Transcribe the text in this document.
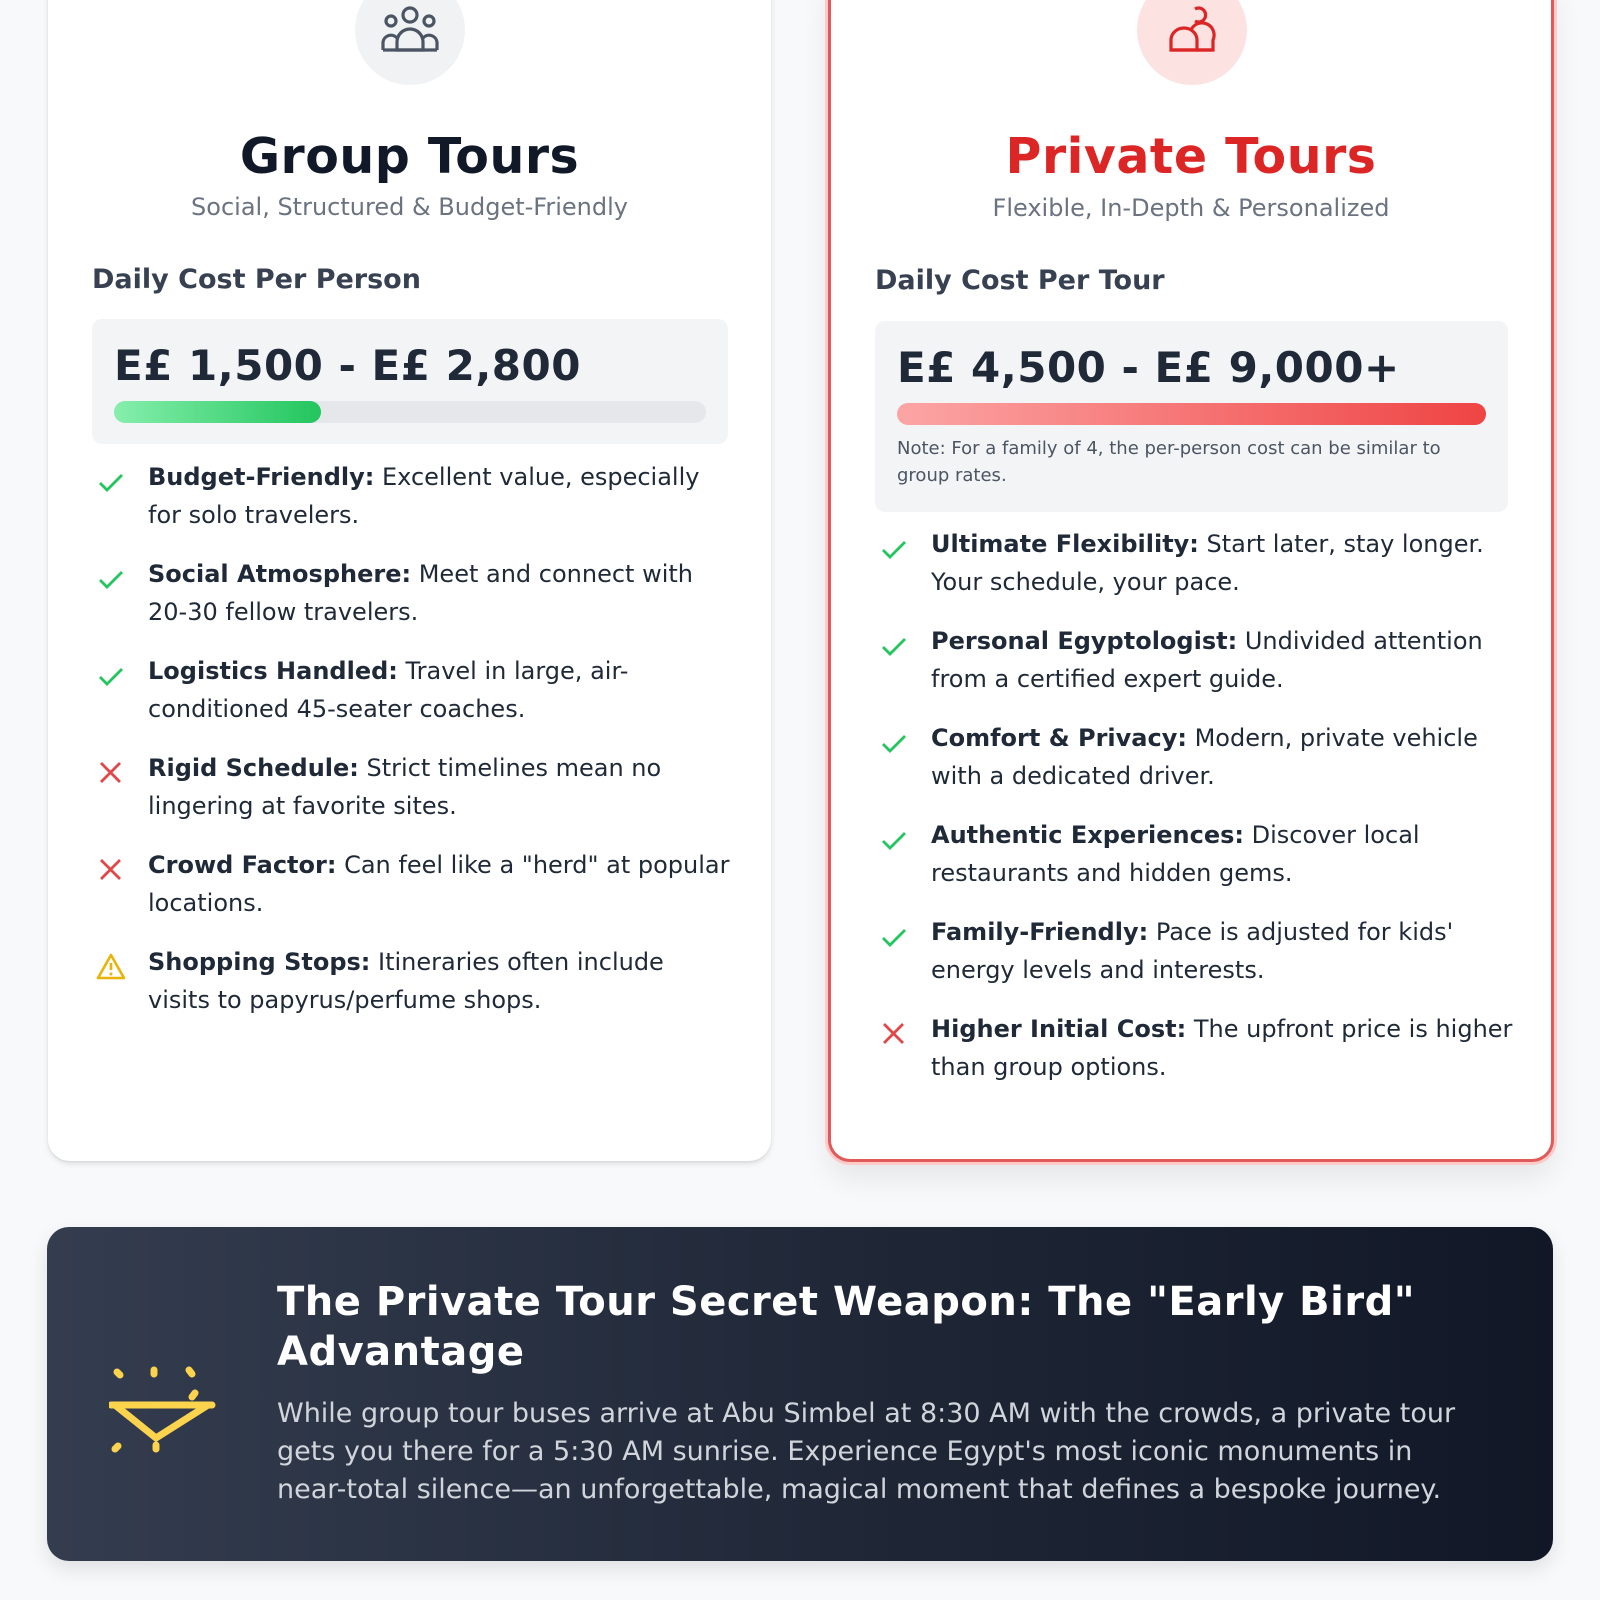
Group Tours
Social, Structured & Budget-Friendly
Daily Cost Per Person
E£ 1,500 - E£ 2,800
Budget-Friendly: Excellent value, especially for solo travelers.
Social Atmosphere: Meet and connect with 20-30 fellow travelers.
Logistics Handled: Travel in large, air-conditioned 45-seater coaches.
Rigid Schedule: Strict timelines mean no lingering at favorite sites.
Crowd Factor: Can feel like a "herd" at popular locations.
Shopping Stops: Itineraries often include visits to papyrus/perfume shops.
Private Tours
Flexible, In-Depth & Personalized
Daily Cost Per Tour
E£ 4,500 - E£ 9,000+
Note: For a family of 4, the per-person cost can be similar to group rates.
Ultimate Flexibility: Start later, stay longer. Your schedule, your pace.
Personal Egyptologist: Undivided attention from a certified expert guide.
Comfort & Privacy: Modern, private vehicle with a dedicated driver.
Authentic Experiences: Discover local restaurants and hidden gems.
Family-Friendly: Pace is adjusted for kids' energy levels and interests.
Higher Initial Cost: The upfront price is higher than group options.
The Private Tour Secret Weapon: The "Early Bird" Advantage
While group tour buses arrive at Abu Simbel at 8:30 AM with the crowds, a private tour gets you there for a 5:30 AM sunrise. Experience Egypt's most iconic monuments in near-total silence—an unforgettable, magical moment that defines a bespoke journey.
